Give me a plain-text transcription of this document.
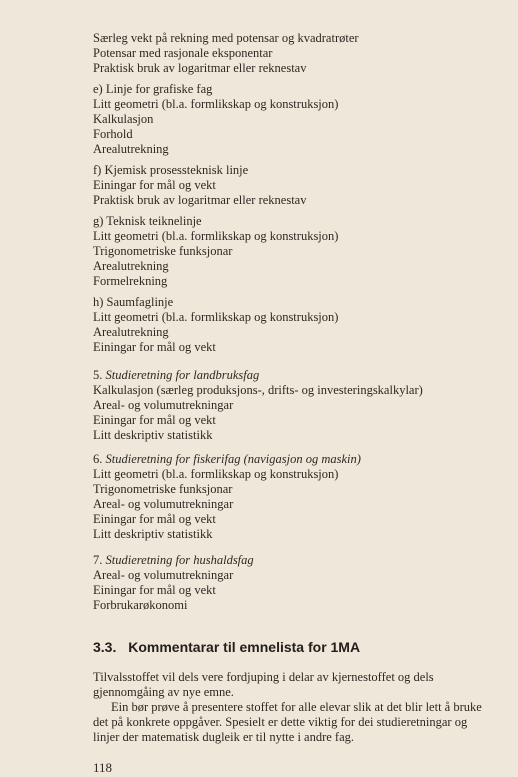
Særleg vekt på rekning med potensar og kvadratrøter
Potensar med rasjonale eksponentar
Praktisk bruk av logaritmar eller reknestav
e) Linje for grafiske fag
Litt geometri (bl.a. formlikskap og konstruksjon)
Kalkulasjon
Forhold
Arealutrekning
f) Kjemisk prosessteknisk linje
Einingar for mål og vekt
Praktisk bruk av logaritmar eller reknestav
g) Teknisk teiknelinje
Litt geometri (bl.a. formlikskap og konstruksjon)
Trigonometriske funksjonar
Arealutrekning
Formelrekning
h) Saumfaglinje
Litt geometri (bl.a. formlikskap og konstruksjon)
Arealutrekning
Einingar for mål og vekt
5. Studieretning for landbruksfag
Kalkulasjon (særleg produksjons-, drifts- og investeringskalkylar)
Areal- og volumutrekningar
Einingar for mål og vekt
Litt deskriptiv statistikk
6. Studieretning for fiskerifag (navigasjon og maskin)
Litt geometri (bl.a. formlikskap og konstruksjon)
Trigonometriske funksjonar
Areal- og volumutrekningar
Einingar for mål og vekt
Litt deskriptiv statistikk
7. Studieretning for hushaldsfag
Areal- og volumutrekningar
Einingar for mål og vekt
Forbrukarøkonomi
3.3. Kommentarar til emnelista for 1MA
Tilvalsstoffet vil dels vere fordjuping i delar av kjernestoffet og dels gjennomgåing av nye emne.
Ein bør prøve å presentere stoffet for alle elevar slik at det blir lett å bruke det på konkrete oppgåver. Spesielt er dette viktig for dei studieretningar og linjer der matematisk dugleik er til nytte i andre fag.
118
